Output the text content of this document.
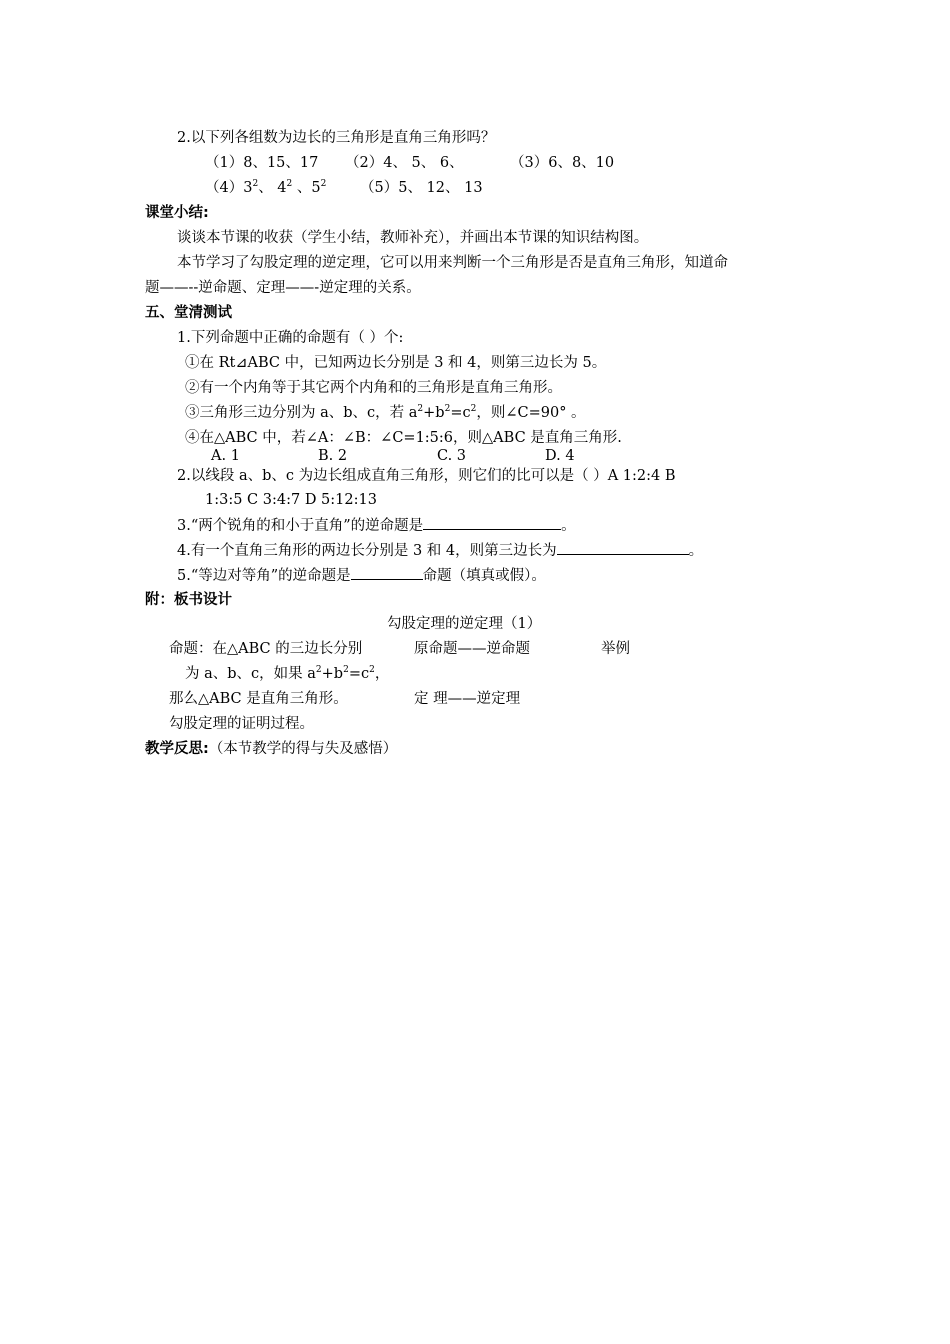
2.以下列各组数为边长的三角形是直角三角形吗？
（1）8、15、17 （2）4、 5、 6、	（3）6、8、10
$(4)3^2$、 $4^2$ 、$5^2$ （5）5、 12、 13
课堂小结:
谈谈本节课的收获（学生小结，教师补充），并画出本节课的知识结构图。
本节学习了勾股定理的逆定理，它可以用来判断一个三角形是否是直角三角形，知道命
题——--逆命题、定理——-逆定理的关系。
五、堂清测试
1.下列命题中正确的命题有（ ）个:
①在 Rt⊿ABC 中，已知两边长分别是 3 和 4，则第三边长为 5。
②有一个内角等于其它两个内角和的三角形是直角三角形。
③三角形三边分别为 a、b、c，若 $a^2+b^2=c^2$，则∠C=90° 。
④在△ABC 中，若∠A：∠B：∠C=1:5:6，则△ABC 是直角三角形.
A. 1	B. 2	C. 3	D. 4
2.以线段 a、b、c 为边长组成直角三角形，则它们的比可以是（ ）A 1:2:4 B
1:3:5 C 3:4:7 D 5:12:13
3.“两个锐角的和小于直角”的逆命题是	。
4.有一个直角三角形的两边长分别是 3 和 4，则第三边长为	。
5.“等边对等角”的逆命题是	命题（填真或假）。
附：板书设计
勾股定理的逆定理（1）
命题：在△ABC 的三边长分别	原命题——逆命题	举例
为 a、b、c，如果 $a^2+b^2=c^2$，
那么△ABC 是直角三角形。	定 理——逆定理
勾股定理的证明过程。
教学反思:（本节教学的得与失及感悟）
